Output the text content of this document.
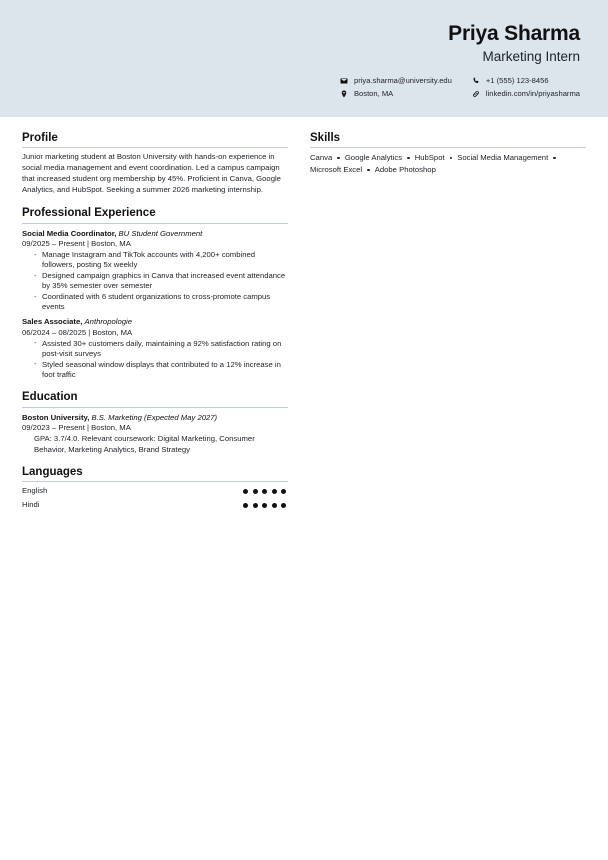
Priya Sharma
Marketing Intern
priya.sharma@university.edu	+1 (555) 123-8456
Boston, MA	linkedin.com/in/priyasharma
Profile

Junior marketing student at Boston University with hands-on experience in social media management and event coordination. Led a campus campaign that increased student org membership by 45%. Proficient in Canva, Google Analytics, and HubSpot. Seeking a summer 2026 marketing internship.

Professional Experience
Social Media Coordinator, BU Student Government
09/2025 – Present | Boston, MA
- Manage Instagram and TikTok accounts with 4,200+ combined followers, posting 5x weekly
- Designed campaign graphics in Canva that increased event attendance by 35% semester over semester
- Coordinated with 6 student organizations to cross-promote campus events
Sales Associate, Anthropologie
06/2024 – 08/2025 | Boston, MA
- Assisted 30+ customers daily, maintaining a 92% satisfaction rating on post-visit surveys
- Styled seasonal window displays that contributed to a 12% increase in foot traffic
Education
Boston University, B.S. Marketing (Expected May 2027)
09/2023 – Present | Boston, MA

GPA: 3.7/4.0. Relevant coursework: Digital Marketing, Consumer Behavior, Marketing Analytics, Brand Strategy

Languages
English
Hindi
Skills

Canva Google Analytics HubSpot Social Media ManagementMicrosoft Excel Adobe Photoshop
